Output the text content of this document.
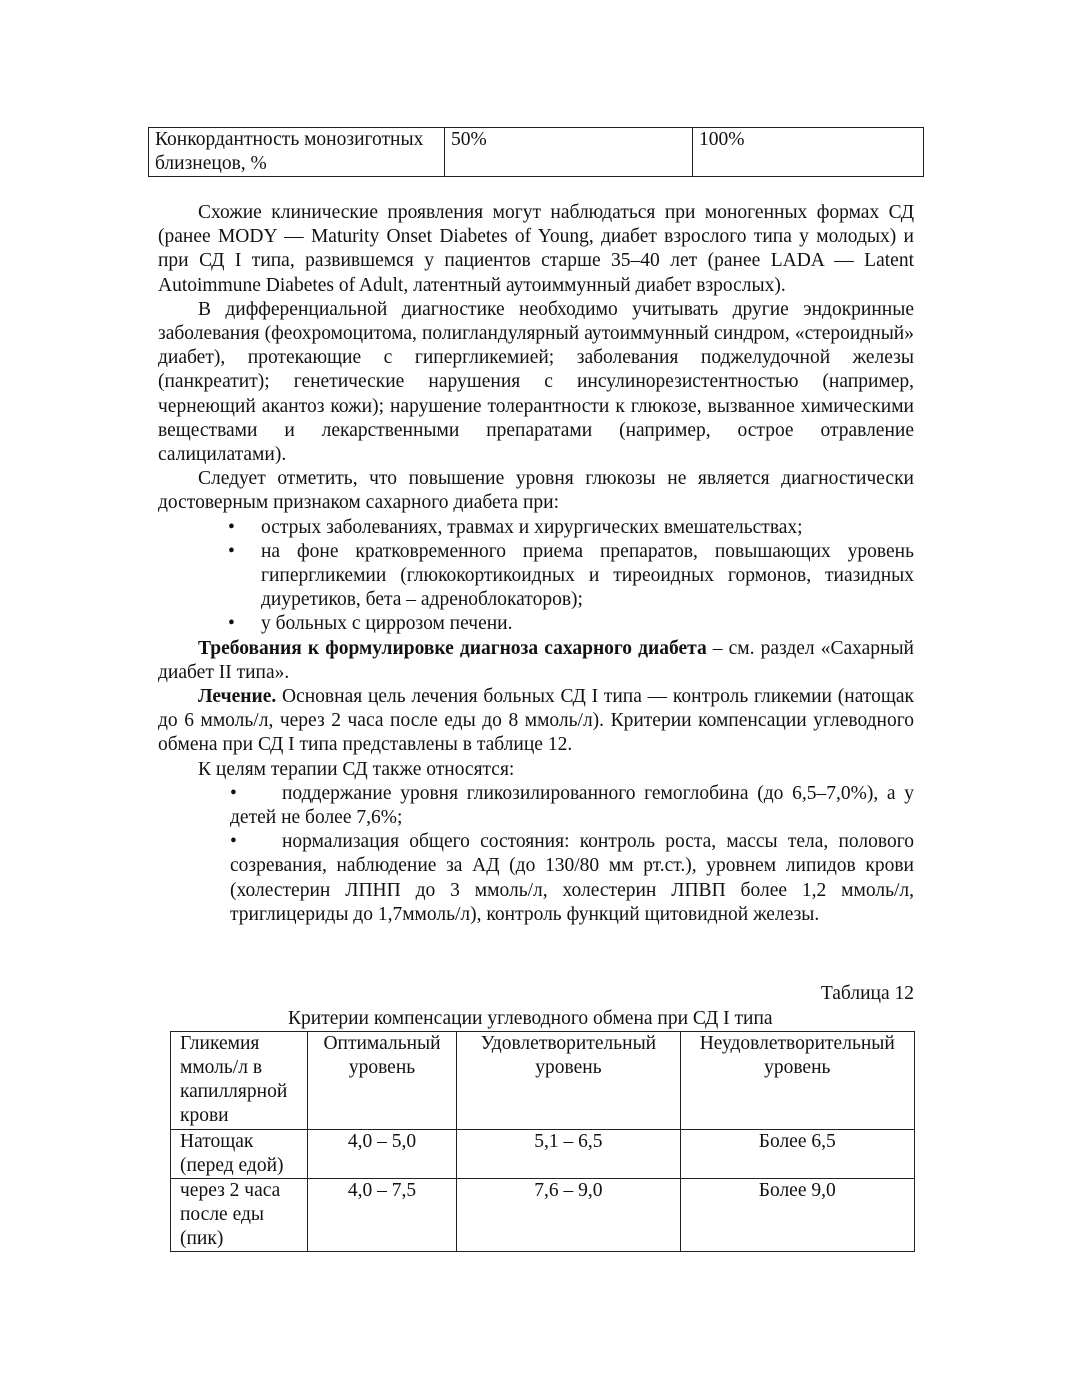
Конкордантность монозиготных близнецов, %	50%	100%

Схожие клинические проявления могут наблюдаться при моногенных формах СД (ранее MODY — Maturity Onset Diabetes of Young, диабет взрослого типа у молодых) и при СД I типа, развившемся у пациентов старше 35–40 лет (ранее LADA — Latent Autoimmune Diabetes of Adult, латентный аутоиммунный диабет взрослых).

В дифференциальной диагностике необходимо учитывать другие эндокринные заболевания (феохромоцитома, полигландулярный аутоиммунный синдром, «стероидный» диабет), протекающие с гипергликемией; заболевания поджелудочной железы (панкреатит); генетические нарушения с инсулинорезистентностью (например, чернеющий акантоз кожи); нарушение толерантности к глюкозе, вызванное химическими веществами и лекарственными препаратами (например, острое отравление салицилатами).

Следует отметить, что повышение уровня глюкозы не является диагностически достоверным признаком сахарного диабета при:

• острых заболеваниях, травмах и хирургических вмешательствах;
• на фоне кратковременного приема препаратов, повышающих уровень гипергликемии (глюкокортикоидных и тиреоидных гормонов, тиазидных диуретиков, бета – адреноблокаторов);
• у больных с циррозом печени.

Требования к формулировке диагноза сахарного диабета – см. раздел «Сахарный диабет II типа».

Лечение. Основная цель лечения больных СД I типа — контроль гликемии (натощак до 6 ммоль/л, через 2 часа после еды до 8 ммоль/л). Критерии компенсации углеводного обмена при СД I типа представлены в таблице 12.

К целям терапии СД также относятся:

• поддержание уровня гликозилированного гемоглобина (до 6,5–7,0%), а у детей не более 7,6%;
• нормализация общего состояния: контроль роста, массы тела, полового созревания, наблюдение за АД (до 130/80 мм рт.ст.), уровнем липидов крови (холестерин ЛПНП до 3 ммоль/л, холестерин ЛПВП более 1,2 ммоль/л, триглицериды до 1,7ммоль/л), контроль функций щитовидной железы.
Таблица 12
Критерии компенсации углеводного обмена при СД I типа
Гликемия ммоль/л в капиллярной крови	Оптимальный уровень	Удовлетворительный уровень	Неудовлетворительный уровень
Натощак (перед едой)	4,0 – 5,0	5,1 – 6,5	Более 6,5
через 2 часа после еды (пик)	4,0 – 7,5	7,6 – 9,0	Более 9,0
